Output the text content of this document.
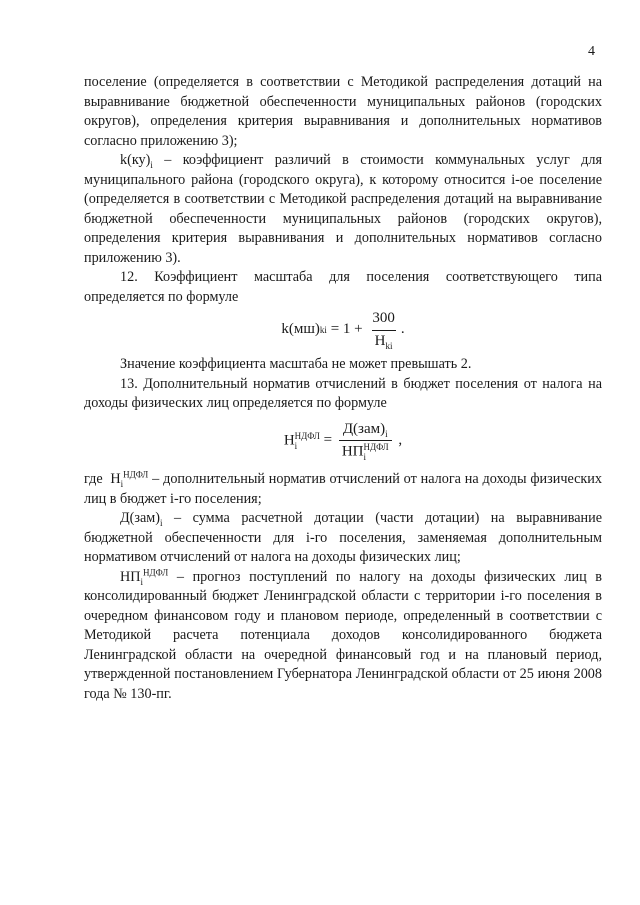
4

поселение (определяется в соответствии с Методикой распределения дотаций на выравнивание бюджетной обеспеченности муниципальных районов (городских округов), определения критерия выравнивания и дополнительных нормативов согласно приложению 3);

$k(ку)_i$ – коэффициент различий в стоимости коммунальных услуг для муниципального района (городского округа), к которому относится i-ое поселение (определяется в соответствии с Методикой распределения дотаций на выравнивание бюджетной обеспеченности муниципальных районов (городских округов), определения критерия выравнивания и дополнительных нормативов согласно приложению 3).

12. Коэффициент масштаба для поселения соответствующего типа определяется по формуле

k(мш) ki = $1 + \frac{300}{H_{ki}}$ .

Значение коэффициента масштаба не может превышать 2.

13. Дополнительный норматив отчислений в бюджет поселения от налога на доходы физических лиц определяется по формуле

H НДФЛ
i	= $Д(зам)_i$
НП НДФЛ
i ,

где  $H_i^{НДФЛ}$ – дополнительный норматив отчислений от налога на доходы физических лиц в бюджет i-го поселения;

$Д(зам)_i$ – сумма расчетной дотации (части дотации) на выравнивание бюджетной обеспеченности для i-го поселения, заменяемая дополнительным нормативом отчислений от налога на доходы физических лиц;

$НП_i^{НДФЛ}$ – прогноз поступлений по налогу на доходы физических лиц в консолидированный бюджет Ленинградской области с территории i-го поселения в очередном финансовом году и плановом периоде, определенный в соответствии с Методикой расчета потенциала доходов консолидированного бюджета Ленинградской области на очередной финансовый год и на плановый период, утвержденной постановлением Губернатора Ленинградской области от 25 июня 2008 года № 130-пг.
